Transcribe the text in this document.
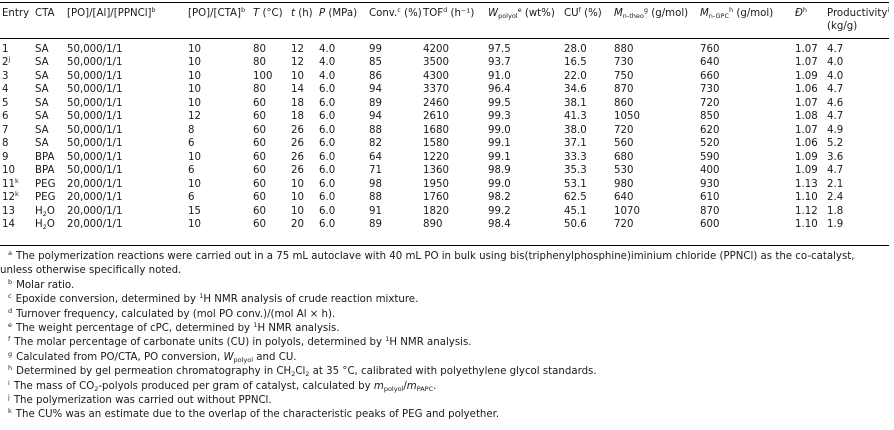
Entry	CTA	[PO]/[Al]/[PPNCl]$^b$	[PO]/[CTA]$^b$	T (°C)	t (h)	P (MPa)	Conv.$^c$ (%)	TOF$^d$ (h⁻¹)	$W_{polyol}^e$ (wt%)	$CU^f$ (%)	$M_{n-theo}^g$ (g/mol)	$M_{n-GPC}^h$ (g/mol)	$Đ^h$	Productivity$^i$
(kg/g)
1	SA	50,000/1/1	10	80	12	4.0	99	4200	97.5	28.0	880	760	1.07	4.7
2$^j$	SA	50,000/1/1	10	80	12	4.0	85	3500	93.7	16.5	730	640	1.07	4.0
3	SA	50,000/1/1	10	100	10	4.0	86	4300	91.0	22.0	750	660	1.09	4.0
4	SA	50,000/1/1	10	80	14	6.0	94	3370	96.4	34.6	870	730	1.06	4.7
5	SA	50,000/1/1	10	60	18	6.0	89	2460	99.5	38.1	860	720	1.07	4.6
6	SA	50,000/1/1	12	60	18	6.0	94	2610	99.3	41.3	1050	850	1.08	4.7
7	SA	50,000/1/1	8	60	26	6.0	88	1680	99.0	38.0	720	620	1.07	4.9
8	SA	50,000/1/1	6	60	26	6.0	82	1580	99.1	37.1	560	520	1.06	5.2
9	BPA	50,000/1/1	10	60	26	6.0	64	1220	99.1	33.3	680	590	1.09	3.6
10	BPA	50,000/1/1	6	60	26	6.0	71	1360	98.9	35.3	530	400	1.09	4.7
11$^k$	PEG	20,000/1/1	10	60	10	6.0	98	1950	99.0	53.1	980	930	1.13	2.1
12$^k$	PEG	20,000/1/1	6	60	10	6.0	88	1760	98.2	62.5	640	610	1.10	2.4
13	$H_2O$	20,000/1/1	15	60	10	6.0	91	1820	99.2	45.1	1070	870	1.12	1.8
14	$H_2O$	20,000/1/1	10	60	20	6.0	89	890	98.4	50.6	720	600	1.10	1.9

$^a$ The polymerization reactions were carried out in a 75 mL autoclave with 40 mL PO in bulk using bis(triphenylphosphine)iminium chloride (PPNCl) as the co-catalyst,

unless otherwise specifically noted.

$^b$ Molar ratio.

$^c$ Epoxide conversion, determined by $^1$H NMR analysis of crude reaction mixture.

$^d$ Turnover frequency, calculated by (mol PO conv.)/(mol Al × h).

$^e$ The weight percentage of cPC, determined by $^1$H NMR analysis.

$^f$ The molar percentage of carbonate units (CU) in polyols, determined by $^1$H NMR analysis.

$^g$ Calculated from PO/CTA, PO conversion, $W_{polyol}$ and CU.

$^h$ Determined by gel permeation chromatography in $CH_2Cl_2$ at 35 °C, calibrated with polyethylene glycol standards.

$^i$ The mass of $CO_2$-polyols produced per gram of catalyst, calculated by $m_{polyol}/m_{PAPC}$.

$^j$ The polymerization was carried out without PPNCl.

$^k$ The CU% was an estimate due to the overlap of the characteristic peaks of PEG and polyether.
